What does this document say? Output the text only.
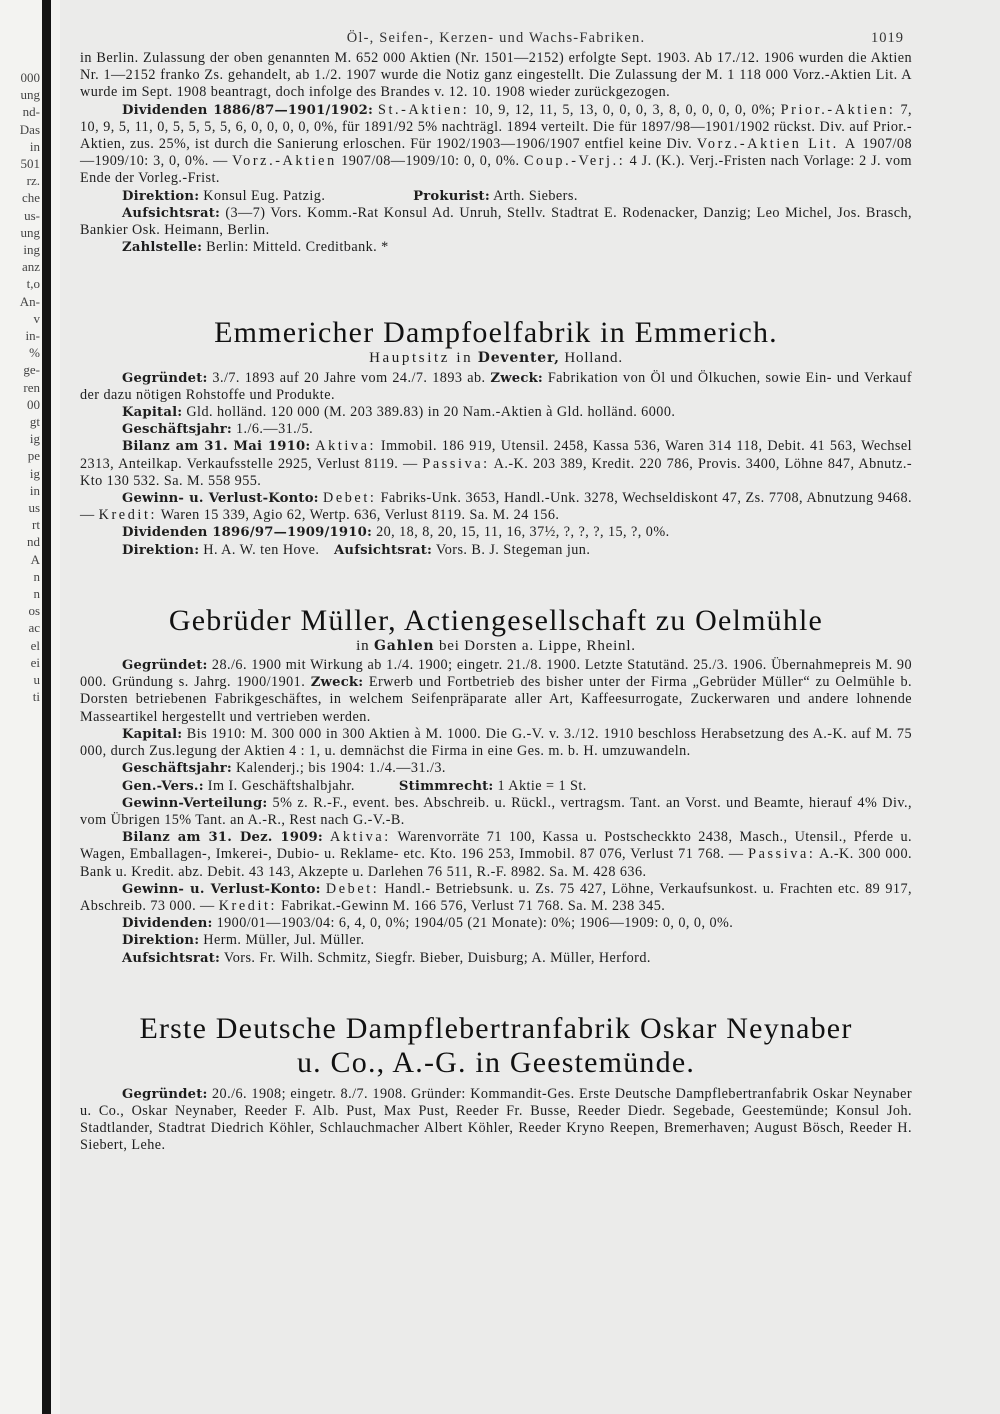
000
ung
nd-
Das
in
501
rz.
che
us-
ung
ing
anz
t,o
An-
v
in-
%
ge-
ren
00
gt
ig
pe
ig
in
us
rt
nd
A
n
n
os
ac
el
ei
u
ti
Öl-, Seifen-, Kerzen- und Wachs-Fabriken.	1019

in Berlin. Zulassung der oben genannten M. 652 000 Aktien (Nr. 1501—2152) erfolgte Sept. 1903. Ab 17./12. 1906 wurden die Aktien Nr. 1—2152 franko Zs. gehandelt, ab 1./2. 1907 wurde die Notiz ganz eingestellt. Die Zulassung der M. 1 118 000 Vorz.-Aktien Lit. A wurde im Sept. 1908 beantragt, doch infolge des Brandes v. 12. 10. 1908 wieder zurückgezogen.

Dividenden 1886/87—1901/1902: St.-Aktien: 10, 9, 12, 11, 5, 13, 0, 0, 0, 3, 8, 0, 0, 0, 0, 0%; Prior.-Aktien: 7, 10, 9, 5, 11, 0, 5, 5, 5, 5, 6, 0, 0, 0, 0, 0%, für 1891/92 5% nachträgl. 1894 verteilt. Die für 1897/98—1901/1902 rückst. Div. auf Prior.-Aktien, zus. 25%, ist durch die Sanierung erloschen. Für 1902/1903—1906/1907 entfiel keine Div. Vorz.-Aktien Lit. A 1907/08—1909/10: 3, 0, 0%. — Vorz.-Aktien 1907/08—1909/10: 0, 0, 0%. Coup.-Verj.: 4 J. (K.). Verj.-Fristen nach Vorlage: 2 J. vom Ende der Vorleg.-Frist.

Direktion: Konsul Eug. Patzig.      	Prokurist: Arth. Siebers.

Aufsichtsrat: (3—7) Vors. Komm.-Rat Konsul Ad. Unruh, Stellv. Stadtrat E. Rodenacker, Danzig; Leo Michel, Jos. Brasch, Bankier Osk. Heimann, Berlin.

Zahlstelle: Berlin: Mitteld. Creditbank. *

Emmericher Dampfoelfabrik in Emmerich.
Hauptsitz in Deventer, Holland.

Gegründet: 3./7. 1893 auf 20 Jahre vom 24./7. 1893 ab. Zweck: Fabrikation von Öl und Ölkuchen, sowie Ein- und Verkauf der dazu nötigen Rohstoffe und Produkte.

Kapital: Gld. holländ. 120 000 (M. 203 389.83) in 20 Nam.-Aktien à Gld. holländ. 6000.

Geschäftsjahr: 1./6.—31./5.

Bilanz am 31. Mai 1910: Aktiva: Immobil. 186 919, Utensil. 2458, Kassa 536, Waren 314 118, Debit. 41 563, Wechsel 2313, Anteilkap. Verkaufsstelle 2925, Verlust 8119. — Passiva: A.-K. 203 389, Kredit. 220 786, Provis. 3400, Löhne 847, Abnutz.-Kto 130 532. Sa. M. 558 955.

Gewinn- u. Verlust-Konto: Debet: Fabriks-Unk. 3653, Handl.-Unk. 3278, Wechseldiskont 47, Zs. 7708, Abnutzung 9468. — Kredit: Waren 15 339, Agio 62, Wertp. 636, Verlust 8119. Sa. M. 24 156.

Dividenden 1896/97—1909/1910: 20, 18, 8, 20, 15, 11, 16, 37½, ?, ?, ?, 15, ?, 0%.

Direktion: H. A. W. ten Hove.  Aufsichtsrat: Vors. B. J. Stegeman jun.

Gebrüder Müller, Actiengesellschaft zu Oelmühle
in Gahlen bei Dorsten a. Lippe, Rheinl.

Gegründet: 28./6. 1900 mit Wirkung ab 1./4. 1900; eingetr. 21./8. 1900. Letzte Statutänd. 25./3. 1906. Übernahmepreis M. 90 000. Gründung s. Jahrg. 1900/1901. Zweck: Erwerb und Fortbetrieb des bisher unter der Firma „Gebrüder Müller“ zu Oelmühle b. Dorsten betriebenen Fabrikgeschäftes, in welchem Seifenpräparate aller Art, Kaffeesurrogate, Zuckerwaren und andere lohnende Masseartikel hergestellt und vertrieben werden.

Kapital: Bis 1910: M. 300 000 in 300 Aktien à M. 1000. Die G.-V. v. 3./12. 1910 beschloss Herabsetzung des A.-K. auf M. 75 000, durch Zus.legung der Aktien 4 : 1, u. demnächst die Firma in eine Ges. m. b. H. umzuwandeln.

Geschäftsjahr: Kalenderj.; bis 1904: 1./4.—31./3.

Gen.-Vers.: Im I. Geschäftshalbjahr.   	Stimmrecht: 1 Aktie = 1 St.

Gewinn-Verteilung: 5% z. R.-F., event. bes. Abschreib. u. Rückl., vertragsm. Tant. an Vorst. und Beamte, hierauf 4% Div., vom Übrigen 15% Tant. an A.-R., Rest nach G.-V.-B.

Bilanz am 31. Dez. 1909: Aktiva: Warenvorräte 71 100, Kassa u. Postscheckkto 2438, Masch., Utensil., Pferde u. Wagen, Emballagen-, Imkerei-, Dubio- u. Reklame- etc. Kto. 196 253, Immobil. 87 076, Verlust 71 768. — Passiva: A.-K. 300 000. Bank u. Kredit. abz. Debit. 43 143, Akzepte u. Darlehen 76 511, R.-F. 8982. Sa. M. 428 636.

Gewinn- u. Verlust-Konto: Debet: Handl.- Betriebsunk. u. Zs. 75 427, Löhne, Verkaufsunkost. u. Frachten etc. 89 917, Abschreib. 73 000. — Kredit: Fabrikat.-Gewinn M. 166 576, Verlust 71 768. Sa. M. 238 345.

Dividenden: 1900/01—1903/04: 6, 4, 0, 0%; 1904/05 (21 Monate): 0%; 1906—1909: 0, 0, 0, 0%.

Direktion: Herm. Müller, Jul. Müller.

Aufsichtsrat: Vors. Fr. Wilh. Schmitz, Siegfr. Bieber, Duisburg; A. Müller, Herford.

Erste Deutsche Dampflebertranfabrik Oskar Neynaber
u. Co., A.-G. in Geestemünde.

Gegründet: 20./6. 1908; eingetr. 8./7. 1908. Gründer: Kommandit-Ges. Erste Deutsche Dampflebertranfabrik Oskar Neynaber u. Co., Oskar Neynaber, Reeder F. Alb. Pust, Max Pust, Reeder Fr. Busse, Reeder Diedr. Segebade, Geestemünde; Konsul Joh. Stadtlander, Stadtrat Diedrich Köhler, Schlauchmacher Albert Köhler, Reeder Kryno Reepen, Bremerhaven; August Bösch, Reeder H. Siebert, Lehe.
